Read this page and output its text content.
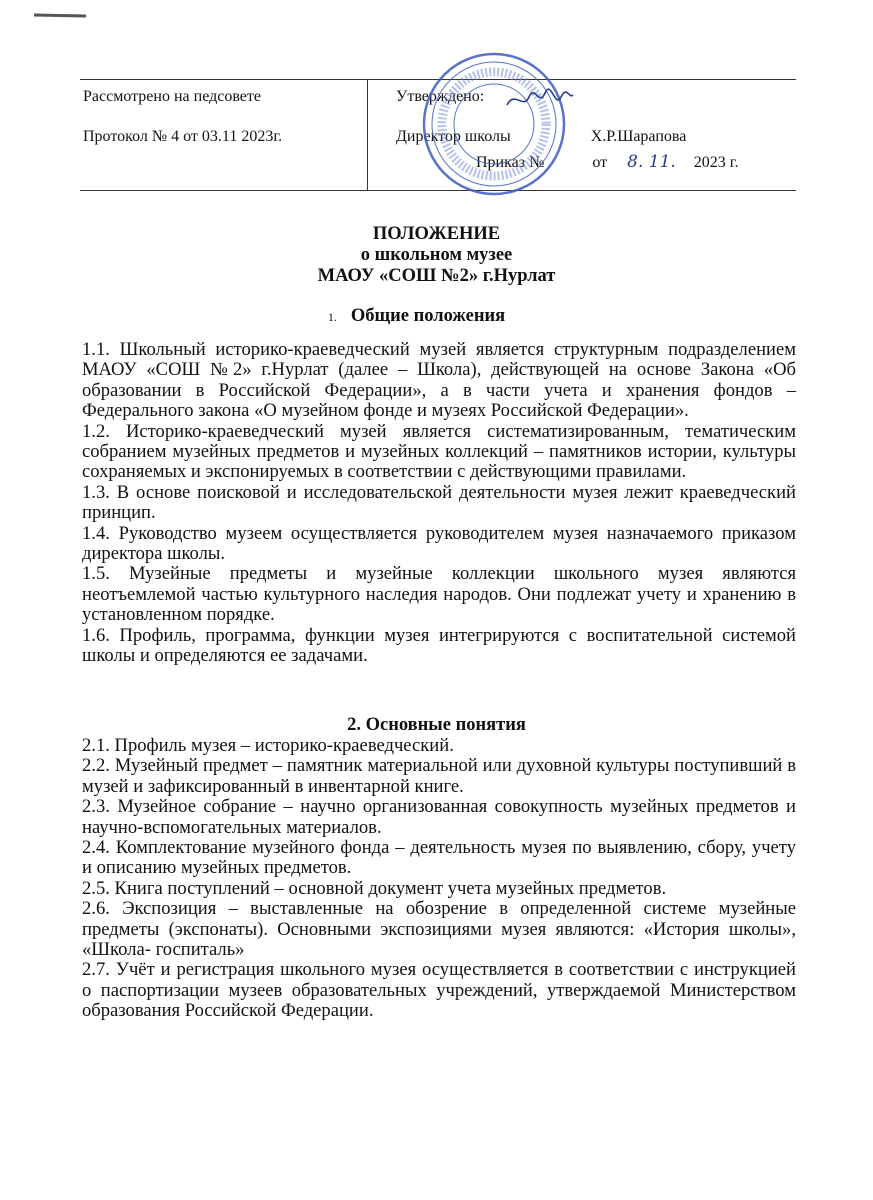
Рассмотрено на педсовете

Протокол № 4 от 03.11 2023г.

Утверждено:

Директор школы	Х.Р.Шарапова

Приказ №	от 8. 11. 2023 г.
ПОЛОЖЕНИЕ
о школьном музее
МАОУ «СОШ №2» г.Нурлат
1. Общие положения

1.1. Школьный историко-краеведческий музей является структурным подразделением МАОУ «СОШ №2» г.Нурлат (далее – Школа), действующей на основе Закона «Об образовании в Российской Федерации», а в части учета и хранения фондов – Федерального закона «О музейном фонде и музеях Российской Федерации».

1.2. Историко-краеведческий музей является систематизированным, тематическим собранием музейных предметов и музейных коллекций – памятников истории, культуры сохраняемых и экспонируемых в соответствии с действующими правилами.

1.3. В основе поисковой и исследовательской деятельности музея лежит краеведческий принцип.

1.4. Руководство музеем осуществляется руководителем музея назначаемого приказом директора школы.

1.5. Музейные предметы и музейные коллекции школьного музея являются неотъемлемой частью культурного наследия народов. Они подлежат учету и хранению в установленном порядке.

1.6. Профиль, программа, функции музея интегрируются с воспитательной системой школы и определяются ее задачами.

2. Основные понятия

2.1. Профиль музея – историко-краеведческий.

2.2. Музейный предмет – памятник материальной или духовной культуры поступивший в музей и зафиксированный в инвентарной книге.

2.3. Музейное собрание – научно организованная совокупность музейных предметов и научно-вспомогательных материалов.

2.4. Комплектование музейного фонда – деятельность музея по выявлению, сбору, учету и описанию музейных предметов.

2.5. Книга поступлений – основной документ учета музейных предметов.

2.6. Экспозиция – выставленные на обозрение в определенной системе музейные предметы (экспонаты). Основными экспозициями музея являются: «История школы», «Школа- госпиталь»

2.7. Учёт и регистрация школьного музея осуществляется в соответствии с инструкцией о паспортизации музеев образовательных учреждений, утверждаемой Министерством образования Российской Федерации.
